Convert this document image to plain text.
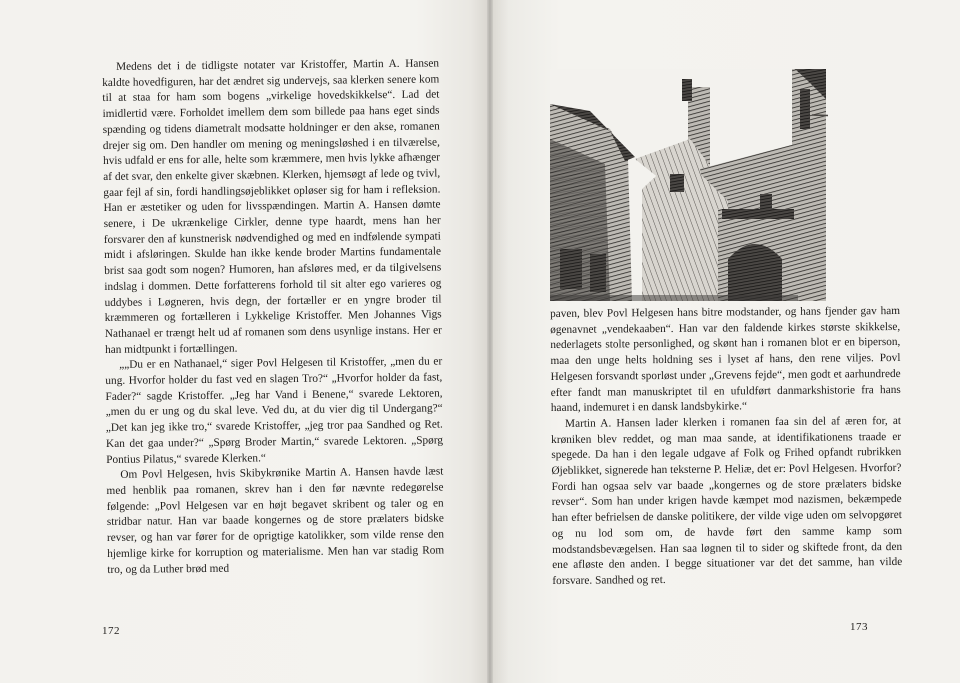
Medens det i de tidligste notater var Kristoffer, Martin A. Hansen kaldte hovedfiguren, har det ændret sig undervejs, saa klerken senere kom til at staa for ham som bogens „virkelige hovedskikkelse“. Lad det imidlertid være. Forholdet imellem dem som billede paa hans eget sinds spænding og tidens diametralt modsatte holdninger er den akse, romanen drejer sig om. Den handler om mening og meningsløshed i en tilværelse, hvis udfald er ens for alle, helte som kræmmere, men hvis lykke afhænger af det svar, den enkelte giver skæbnen. Klerken, hjemsøgt af lede og tvivl, gaar fejl af sin, fordi handlingsøjeblikket opløser sig for ham i refleksion. Han er æstetiker og uden for livsspændingen. Martin A. Hansen dømte senere, i De ukrænkelige Cirkler, denne type haardt, mens han her forsvarer den af kunstnerisk nødvendighed og med en indfølende sympati midt i afsløringen. Skulde han ikke kende broder Martins fundamentale brist saa godt som nogen? Humoren, han afsløres med, er da tilgivelsens indslag i dommen. Dette forfatterens forhold til sit alter ego varieres og uddybes i Løgneren, hvis degn, der fortæller er en yngre broder til kræmmeren og fortælleren i Lykkelige Kristoffer. Men Johannes Vigs Nathanael er trængt helt ud af romanen som dens usynlige instans. Her er han midtpunkt i fortællingen.

„„Du er en Nathanael,“ siger Povl Helgesen til Kristoffer, „men du er ung. Hvorfor holder du fast ved en slagen Tro?“ „Hvorfor holder da fast, Fader?“ sagde Kristoffer. „Jeg har Vand i Benene,“ svarede Lektoren, „men du er ung og du skal leve. Ved du, at du vier dig til Undergang?“ „Det kan jeg ikke tro,“ svarede Kristoffer, „jeg tror paa Sandhed og Ret. Kan det gaa under?“ „Spørg Broder Martin,“ svarede Lektoren. „Spørg Pontius Pilatus,“ svarede Klerken.“

Om Povl Helgesen, hvis Skibykrønike Martin A. Hansen havde læst med henblik paa romanen, skrev han i den før nævnte redegørelse følgende: „Povl Helgesen var en højt begavet skribent og taler og en stridbar natur. Han var baade kongernes og de store prælaters bidske revser, og han var fører for de oprigtige katolikker, som vilde rense den hjemlige kirke for korruption og materialisme. Men han var stadig Rom tro, og da Luther brød med

172

paven, blev Povl Helgesen hans bitre modstander, og hans fjender gav ham øgenavnet „vendekaaben“. Han var den faldende kirkes største skikkelse, nederlagets stolte personlighed, og skønt han i romanen blot er en biperson, maa den unge helts holdning ses i lyset af hans, den rene viljes. Povl Helgesen forsvandt sporløst under „Grevens fejde“, men godt et aarhundrede efter fandt man manuskriptet til en ufuldført danmarkshistorie fra hans haand, indemuret i en dansk landsbykirke.“

Martin A. Hansen lader klerken i romanen faa sin del af æren for, at krøniken blev reddet, og man maa sande, at identifikationens traade er spegede. Da han i den legale udgave af Folk og Frihed opfandt rubrikken Øjeblikket, signerede han teksterne P. Heliæ, det er: Povl Helgesen. Hvorfor? Fordi han ogsaa selv var baade „kongernes og de store prælaters bidske revser“. Som han under krigen havde kæmpet mod nazismen, bekæmpede han efter befrielsen de danske politikere, der vilde vige uden om selvopgøret og nu lod som om, de havde ført den samme kamp som modstandsbevægelsen. Han saa løgnen til to sider og skiftede front, da den ene afløste den anden. I begge situationer var det det samme, han vilde forsvare. Sandhed og ret.

173
